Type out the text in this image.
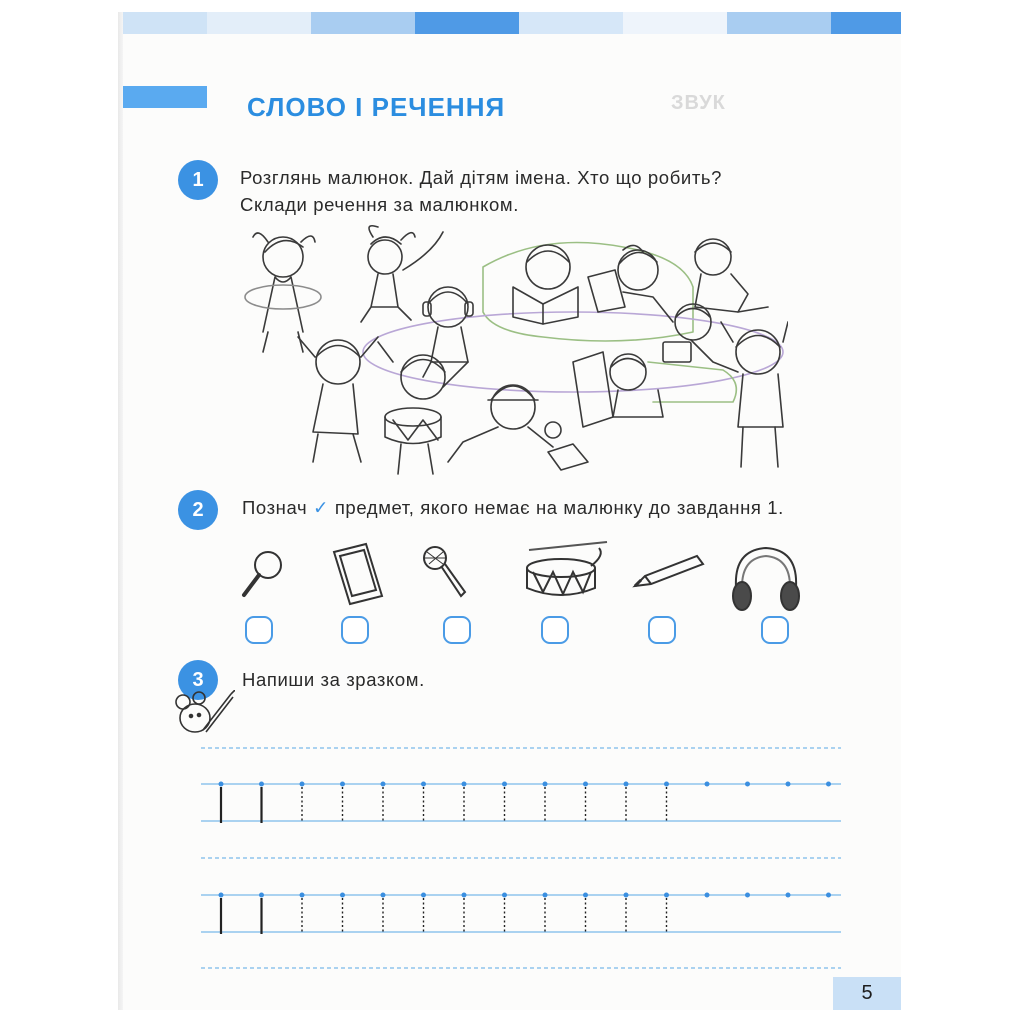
СЛОВО І РЕЧЕННЯ	ЗВУК
1	Розглянь малюнок. Дай дітям імена. Хто що робить?
Склади речення за малюнком.
2	Познач ✓ предмет, якого немає на малюнку до завдання 1.
3	Напиши за зразком.
5
